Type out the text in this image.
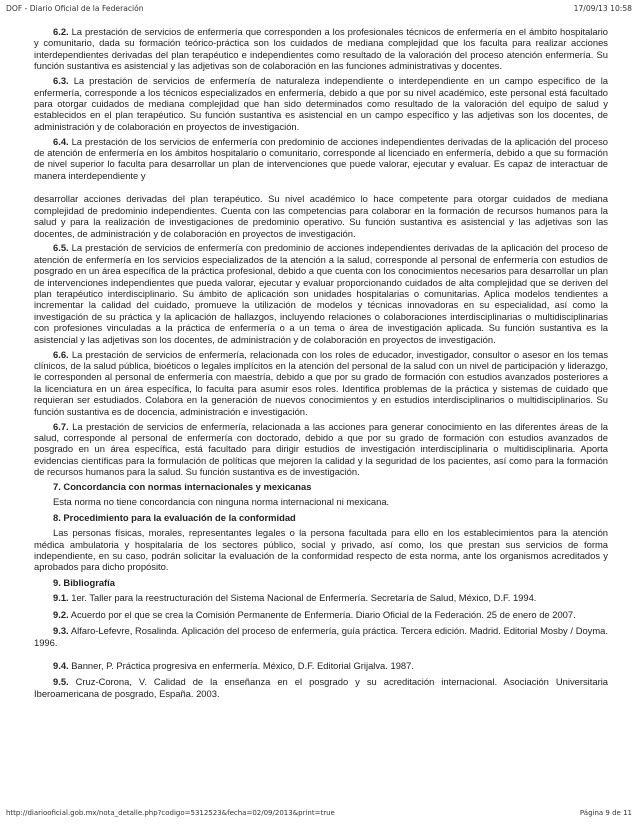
DOF - Diario Oficial de la Federación	17/09/13 10:58

6.2. La prestación de servicios de enfermería que corresponden a los profesionales técnicos de enfermería en el ámbito hospitalario y comunitario, dada su formación teórico-práctica son los cuidados de mediana complejidad que los faculta para realizar acciones interdependientes derivadas del plan terapéutico e independientes como resultado de la valoración del proceso atención enfermería. Su función sustantiva es asistencial y las adjetivas son de colaboración en las funciones administrativas y docentes.

6.3. La prestación de servicios de enfermería de naturaleza independiente o interdependiente en un campo específico de la enfermería, corresponde a los técnicos especializados en enfermería, debido a que por su nivel académico, este personal está facultado para otorgar cuidados de mediana complejidad que han sido determinados como resultado de la valoración del equipo de salud y establecidos en el plan terapéutico. Su función sustantiva es asistencial en un campo específico y las adjetivas son los docentes, de administración y de colaboración en proyectos de investigación.

6.4. La prestación de los servicios de enfermería con predominio de acciones independientes derivadas de la aplicación del proceso de atención de enfermería en los ámbitos hospitalario o comunitario, corresponde al licenciado en enfermería, debido a que su formación de nivel superior lo faculta para desarrollar un plan de intervenciones que puede valorar, ejecutar y evaluar. Es capaz de interactuar de manera interdependiente y

desarrollar acciones derivadas del plan terapéutico. Su nivel académico lo hace competente para otorgar cuidados de mediana complejidad de predominio independientes. Cuenta con las competencias para colaborar en la formación de recursos humanos para la salud y para la realización de investigaciones de predominio operativo. Su función sustantiva es asistencial y las adjetivas son las docentes, de administración y de colaboración en proyectos de investigación.

6.5. La prestación de servicios de enfermería con predominio de acciones independientes derivadas de la aplicación del proceso de atención de enfermería en los servicios especializados de la atención a la salud, corresponde al personal de enfermería con estudios de posgrado en un área específica de la práctica profesional, debido a que cuenta con los conocimientos necesarios para desarrollar un plan de intervenciones independientes que pueda valorar, ejecutar y evaluar proporcionando cuidados de alta complejidad que se deriven del plan terapéutico interdisciplinario. Su ámbito de aplicación son unidades hospitalarias o comunitarias. Aplica modelos tendientes a incrementar la calidad del cuidado, promueve la utilización de modelos y técnicas innovadoras en su especialidad, así como la investigación de su práctica y la aplicación de hallazgos, incluyendo relaciones o colaboraciones interdisciplinarias o multidisciplinarias con profesiones vinculadas a la práctica de enfermería o a un tema o área de investigación aplicada. Su función sustantiva es la asistencial y las adjetivas son los docentes, de administración y de colaboración en proyectos de investigación.

6.6. La prestación de servicios de enfermería, relacionada con los roles de educador, investigador, consultor o asesor en los temas clínicos, de la salud pública, bioéticos o legales implícitos en la atención del personal de la salud con un nivel de participación y liderazgo, le corresponden al personal de enfermería con maestría, debido a que por su grado de formación con estudios avanzados posteriores a la licenciatura en un área específica, lo faculta para asumir esos roles. Identifica problemas de la práctica y sistemas de cuidado que requieran ser estudiados. Colabora en la generación de nuevos conocimientos y en estudios interdisciplinarios o multidisciplinarios. Su función sustantiva es de docencia, administración e investigación.

6.7. La prestación de servicios de enfermería, relacionada a las acciones para generar conocimiento en las diferentes áreas de la salud, corresponde al personal de enfermería con doctorado, debido a que por su grado de formación con estudios avanzados de posgrado en un área específica, está facultado para dirigir estudios de investigación interdisciplinaria o multidisciplinaria. Aporta evidencias científicas para la formulación de políticas que mejoren la calidad y la seguridad de los pacientes, así como para la formación de recursos humanos para la salud. Su función sustantiva es de investigación.

7. Concordancia con normas internacionales y mexicanas
Esta norma no tiene concordancia con ninguna norma internacional ni mexicana.
8. Procedimiento para la evaluación de la conformidad

Las personas físicas, morales, representantes legales o la persona facultada para ello en los establecimientos para la atención médica ambulatoria y hospitalaria de los sectores público, social y privado, así como, los que prestan sus servicios de forma independiente, en su caso, podrán solicitar la evaluación de la conformidad respecto de esta norma, ante los organismos acreditados y aprobados para dicho propósito.

9. Bibliografía

9.1. 1er. Taller para la reestructuración del Sistema Nacional de Enfermería. Secretaría de Salud, México, D.F. 1994.

9.2. Acuerdo por el que se crea la Comisión Permanente de Enfermería. Diario Oficial de la Federación. 25 de enero de 2007.

9.3. Alfaro-Lefevre, Rosalinda. Aplicación del proceso de enfermería, guía práctica. Tercera edición. Madrid. Editorial Mosby / Doyma. 1996.

9.4. Banner, P. Práctica progresiva en enfermería. México, D.F. Editorial Grijalva. 1987.

9.5. Cruz-Corona, V. Calidad de la enseñanza en el posgrado y su acreditación internacional. Asociación Universitaria Iberoamericana de posgrado, España. 2003.

http://diariooficial.gob.mx/nota_detalle.php?codigo=5312523&fecha=02/09/2013&print=true	Página 9 de 11
